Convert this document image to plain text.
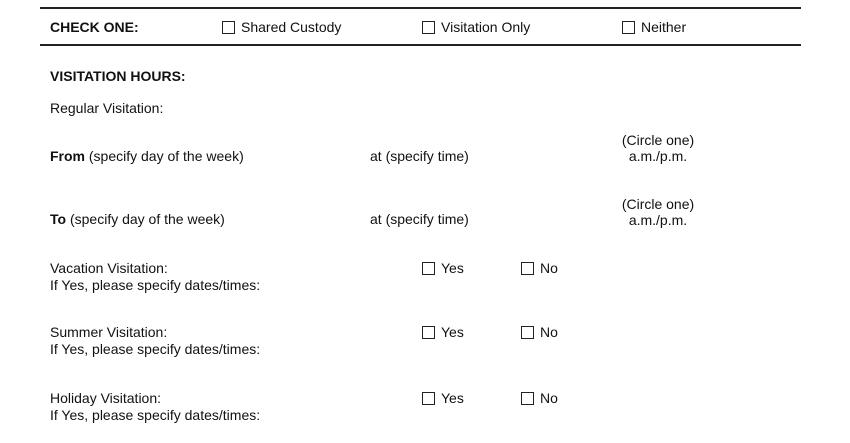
CHECK ONE:	Shared Custody	Visitation Only	Neither
VISITATION HOURS:
Regular Visitation:
From (specify day of the week)	at (specify time)
(Circle one)
a.m./p.m.
To (specify day of the week)	at (specify time)
(Circle one)
a.m./p.m.
Vacation Visitation:
If Yes, please specify dates/times:
Yes	No
Summer Visitation:
If Yes, please specify dates/times:
Yes	No
Holiday Visitation:
If Yes, please specify dates/times:
Yes	No
